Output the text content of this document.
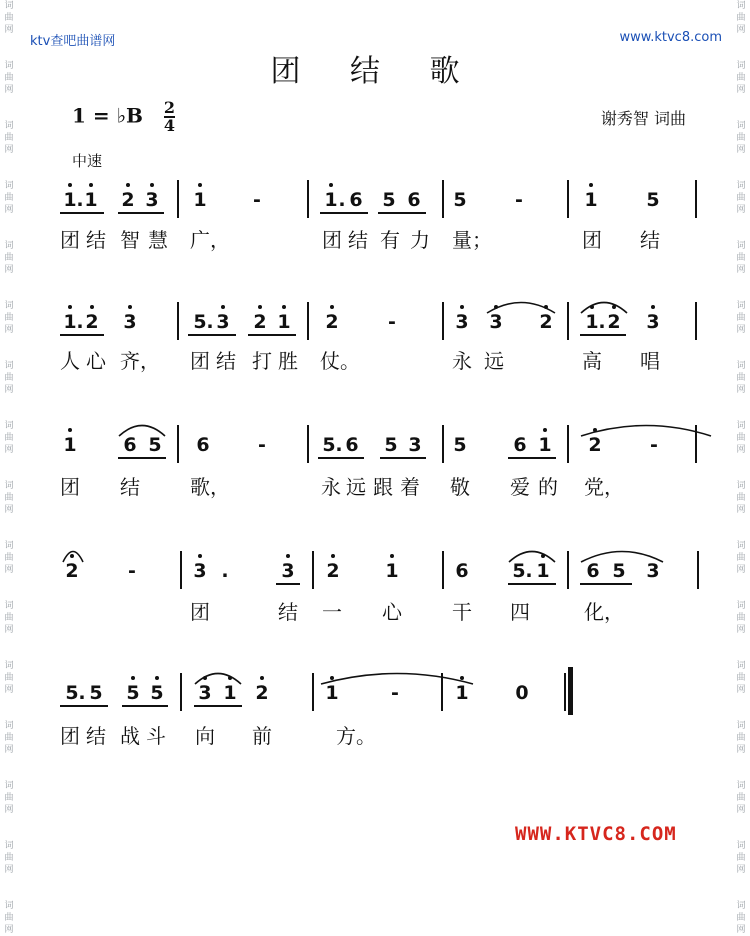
词
曲
网
词
曲
网
词
曲
网
词
曲
网
词
曲
网
词
曲
网
词
曲
网
词
曲
网
词
曲
网
词
曲
网
词
曲
网
词
曲
网
词
曲
网
词
曲
网
词
曲
网
词
曲
网
词
曲
网
词
曲
网
词
曲
网
词
曲
网
词
曲
网
词
曲
网
词
曲
网
词
曲
网
词
曲
网
词
曲
网
词
曲
网
词
曲
网
词
曲
网
词
曲
网
词
曲
网
词
曲
网
ktv查吧曲谱网	www.ktvc8.com
团 结 歌
1 = ♭B $\frac{2}{4}$	谢秀智 词曲
中速
1 . 1 2 3 1 -	1 . 6 5 6 5	-	1	5
1 . 2 3	5 . 3 2 1 2	-	3 3 2 1 . 2 3
1 6 5 6	-	5 . 6 5 3 5 6 1 2	-
2	-	3 .	3 2 1	6 5 . 1 6 5 3
5 . 5 5 5 3 1 2	1	-	1 0
团 结 智 慧 广，	团 结 有 力 量；	团 结
人 心 齐， 团 结 打 胜 仗。	永 远	高 唱
团 结	歌，	永 远 跟 着 敬 爱 的 党，
团	结 一 心	干 四	化，
团 结 战 斗 向 前	方。
WWW.KTVC8.COM
